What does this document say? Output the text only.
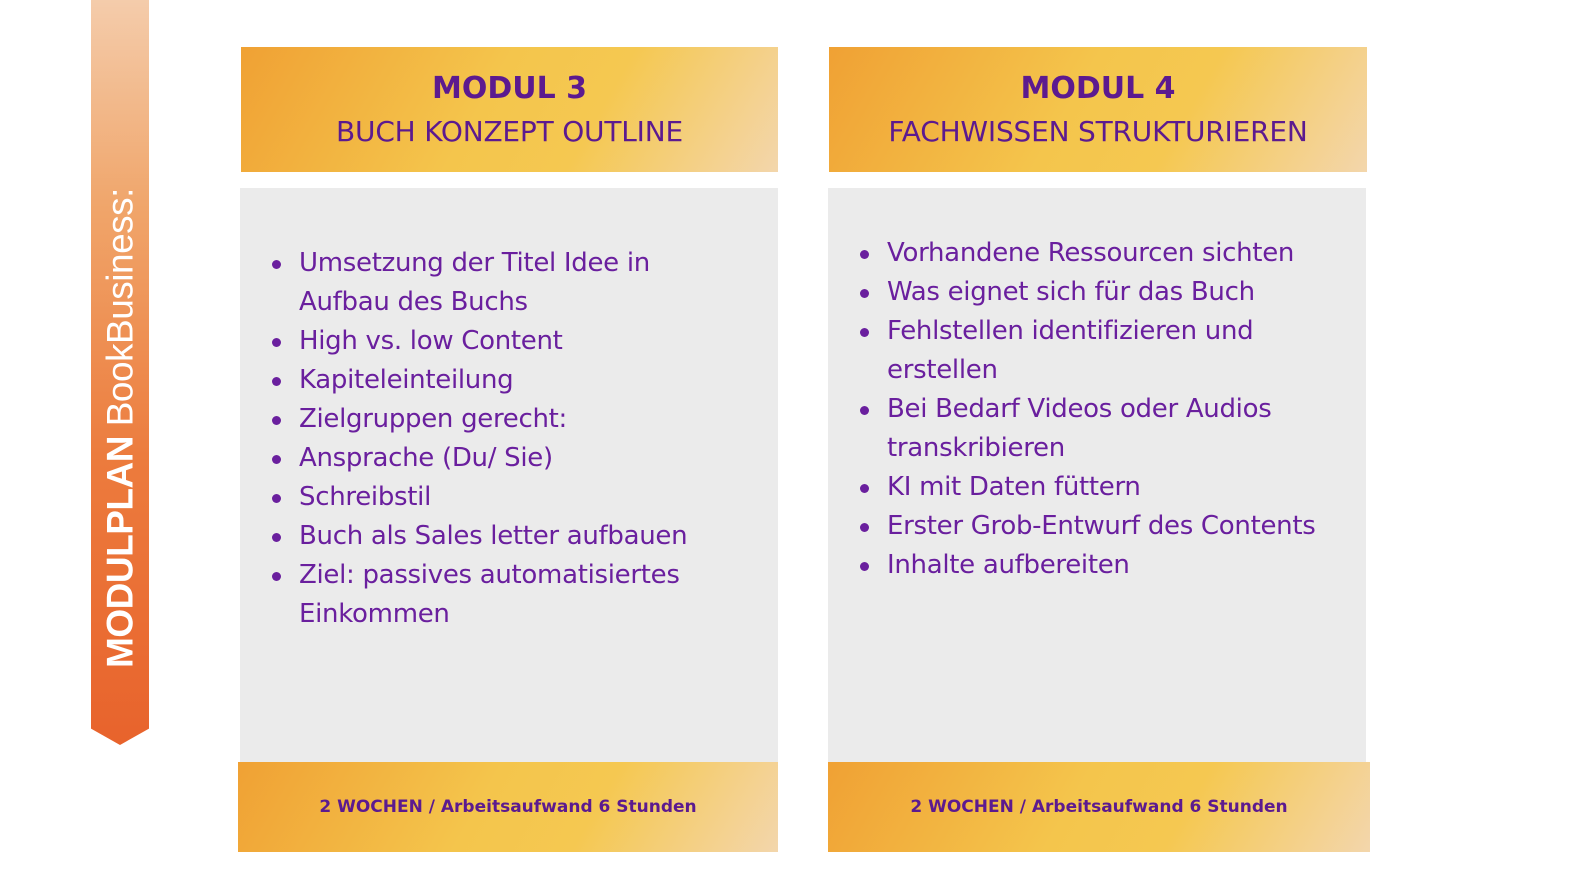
MODULPLAN BookBusiness:
MODUL 3
BUCH KONZEPT OUTLINE
Umsetzung der Titel Idee in Aufbau des Buchs
High vs. low Content
Kapiteleinteilung
Zielgruppen gerecht:
Ansprache (Du/ Sie)
Schreibstil
Buch als Sales letter aufbauen
Ziel: passives automatisiertes Einkommen
2 WOCHEN / Arbeitsaufwand 6 Stunden
MODUL 4
FACHWISSEN STRUKTURIEREN
Vorhandene Ressourcen sichten
Was eignet sich für das Buch
Fehlstellen identifizieren und erstellen
Bei Bedarf Videos oder Audios transkribieren
KI mit Daten füttern
Erster Grob-Entwurf des Contents
Inhalte aufbereiten
2 WOCHEN / Arbeitsaufwand 6 Stunden
